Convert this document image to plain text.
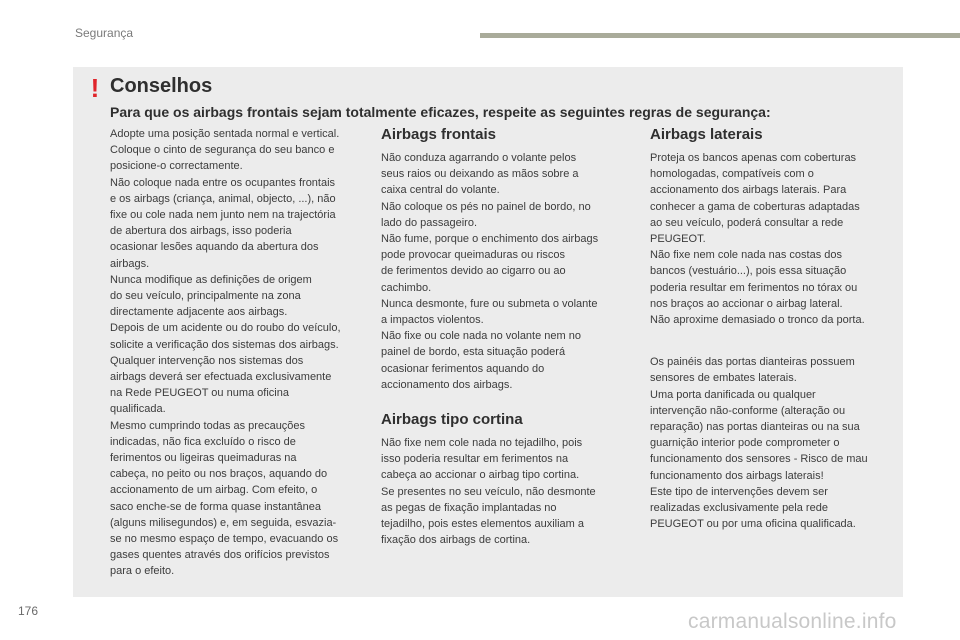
Segurança
! Conselhos
Para que os airbags frontais sejam totalmente eficazes, respeite as seguintes regras de segurança:

Adopte uma posição sentada normal e vertical.
Coloque o cinto de segurança do seu banco e
posicione-o correctamente.
Não coloque nada entre os ocupantes frontais
e os airbags (criança, animal, objecto, ...), não
fixe ou cole nada nem junto nem na trajectória
de abertura dos airbags, isso poderia
ocasionar lesões aquando da abertura dos
airbags.
Nunca modifique as definições de origem
do seu veículo, principalmente na zona
directamente adjacente aos airbags.
Depois de um acidente ou do roubo do veículo,
solicite a verificação dos sistemas dos airbags.
Qualquer intervenção nos sistemas dos
airbags deverá ser efectuada exclusivamente
na Rede PEUGEOT ou numa oficina
qualificada.
Mesmo cumprindo todas as precauções
indicadas, não fica excluído o risco de
ferimentos ou ligeiras queimaduras na
cabeça, no peito ou nos braços, aquando do
accionamento de um airbag. Com efeito, o
saco enche-se de forma quase instantânea
(alguns milisegundos) e, em seguida, esvazia-
se no mesmo espaço de tempo, evacuando os
gases quentes através dos orifícios previstos
para o efeito.

Airbags frontais

Não conduza agarrando o volante pelos
seus raios ou deixando as mãos sobre a
caixa central do volante.
Não coloque os pés no painel de bordo, no
lado do passageiro.
Não fume, porque o enchimento dos airbags
pode provocar queimaduras ou riscos
de ferimentos devido ao cigarro ou ao
cachimbo.
Nunca desmonte, fure ou submeta o volante
a impactos violentos.
Não fixe ou cole nada no volante nem no
painel de bordo, esta situação poderá
ocasionar ferimentos aquando do
accionamento dos airbags.

Airbags tipo cortina

Não fixe nem cole nada no tejadilho, pois
isso poderia resultar em ferimentos na
cabeça ao accionar o airbag tipo cortina.
Se presentes no seu veículo, não desmonte
as pegas de fixação implantadas no
tejadilho, pois estes elementos auxiliam a
fixação dos airbags de cortina.

Airbags laterais

Proteja os bancos apenas com coberturas
homologadas, compatíveis com o
accionamento dos airbags laterais. Para
conhecer a gama de coberturas adaptadas
ao seu veículo, poderá consultar a rede
PEUGEOT.
Não fixe nem cole nada nas costas dos
bancos (vestuário...), pois essa situação
poderia resultar em ferimentos no tórax ou
nos braços ao accionar o airbag lateral.
Não aproxime demasiado o tronco da porta.

Os painéis das portas dianteiras possuem
sensores de embates laterais.
Uma porta danificada ou qualquer
intervenção não-conforme (alteração ou
reparação) nas portas dianteiras ou na sua
guarnição interior pode comprometer o
funcionamento dos sensores - Risco de mau
funcionamento dos airbags laterais!
Este tipo de intervenções devem ser
realizadas exclusivamente pela rede
PEUGEOT ou por uma oficina qualificada.

176	carmanualsonline.info
